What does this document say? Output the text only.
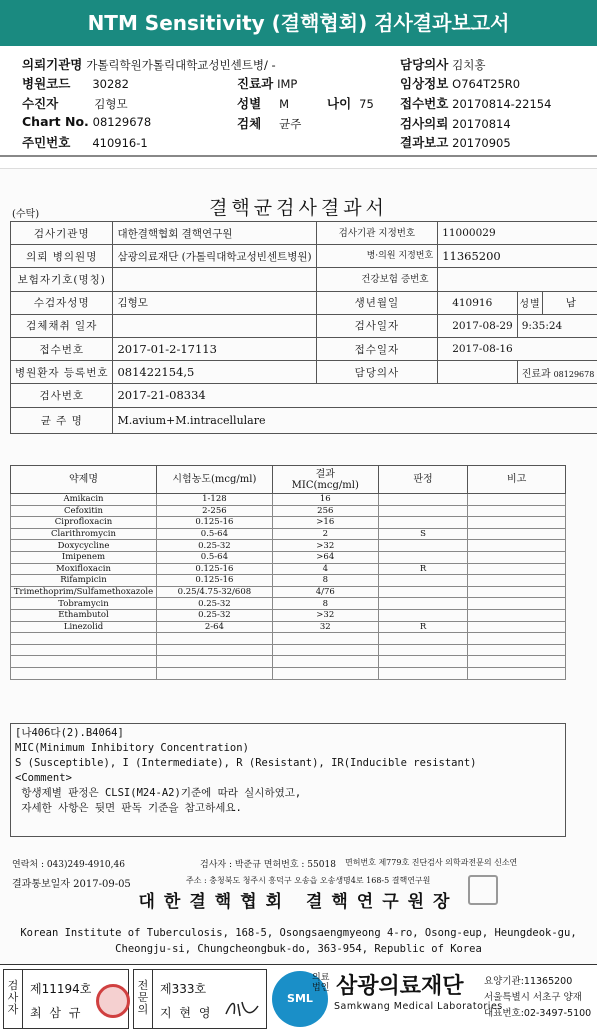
NTM Sensitivity (결핵협회) 검사결과보고서
의뢰기관명 가톨릭학원가톨릭대학교성빈센트병/ -	담당의사 김치홍
병원코드 30282	진료과 IMP	임상정보 O764T25R0
수진자	김형모	성별 M	나이 75 접수번호 20170814-22154
Chart No. 08129678	검체 균주	검사의뢰 20170814
주민번호 410916-1	결과보고 20170905
(수탁)	결핵균검사결과서
검사기관명	대한결핵협회 결핵연구원	검사기관 지정번호	11000029		
의뢰 병의원명	삼광의료재단 (가톨릭대학교성빈센트병원)	병·의원 지정번호	11365200		
보험자기호(명칭)		건강보험 증번호			
수검자성명	김형모	생년월일	410916	성별	남
검체채취 일자		검사일자	2017-08-29	9:35:24	
접수번호	2017-01-2-17113	접수일자	2017-08-16		
병원환자 등록번호	081422154,5	담당의사		진료과 08129678	
검사번호	2017-21-08334				
균 주 명	M.avium+M.intracellulare				
약제명	시험농도(mcg/ml)	결과 MIC(mcg/ml)	판정	비고
Amikacin	1-128	16		
Cefoxitin	2-256	256		
Ciprofloxacin	0.125-16	>16		
Clarithromycin	0.5-64	2	S	
Doxycycline	0.25-32	>32		
Imipenem	0.5-64	>64		
Moxifloxacin	0.125-16	4	R	
Rifampicin	0.125-16	8		
Trimethoprim/Sulfamethoxazole	0.25/4.75-32/608	4/76		
Tobramycin	0.25-32	8		
Ethambutol	0.25-32	>32		
Linezolid	2-64	32	R	

[나406다(2).B4064]
MIC(Minimum Inhibitory Concentration)
S (Susceptible), I (Intermediate), R (Resistant), IR(Inducible resistant)
<Comment>
항생제별 판정은 CLSI(M24-A2)기준에 따라 실시하였고,
자세한 사항은 뒷면 판독 기준을 참고하세요.
연락처 : 043)249-4910,46	검사자 : 박준규 면허번호 : 55018 면허번호 제779호 진단검사 의학과전문의 신소연
결과통보일자 2017-09-05	주소 : 충청북도 청주시 흥덕구 오송읍 오송생명4로 168-5 결핵연구원
대한결핵협회 결핵연구원장
Korean Institute of Tuberculosis, 168-5, Osongsaengmyeong 4-ro, Osong-eup, Heungdeok-gu,
Cheongju-si, Chungcheongbuk-do, 363-954, Republic of Korea
검사자
제11194호
최 삼 규
전문의
제333호
지 현 영
SML
의료법인 삼광의료재단
Samkwang Medical Laboratories
요양기관:11365200
서울특별시 서초구 양재
대표번호:02-3497-5100
